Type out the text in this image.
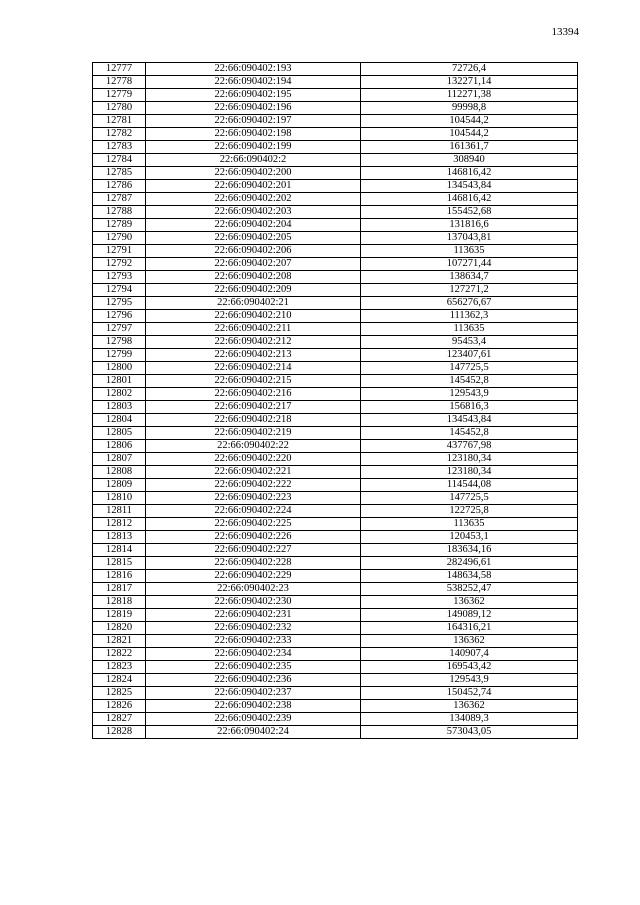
13394
12777	22:66:090402:193	72726,4
12778	22:66:090402:194	132271,14
12779	22:66:090402:195	112271,38
12780	22:66:090402:196	99998,8
12781	22:66:090402:197	104544,2
12782	22:66:090402:198	104544,2
12783	22:66:090402:199	161361,7
12784	22:66:090402:2	308940
12785	22:66:090402:200	146816,42
12786	22:66:090402:201	134543,84
12787	22:66:090402:202	146816,42
12788	22:66:090402:203	155452,68
12789	22:66:090402:204	131816,6
12790	22:66:090402:205	137043,81
12791	22:66:090402:206	113635
12792	22:66:090402:207	107271,44
12793	22:66:090402:208	138634,7
12794	22:66:090402:209	127271,2
12795	22:66:090402:21	656276,67
12796	22:66:090402:210	111362,3
12797	22:66:090402:211	113635
12798	22:66:090402:212	95453,4
12799	22:66:090402:213	123407,61
12800	22:66:090402:214	147725,5
12801	22:66:090402:215	145452,8
12802	22:66:090402:216	129543,9
12803	22:66:090402:217	156816,3
12804	22:66:090402:218	134543,84
12805	22:66:090402:219	145452,8
12806	22:66:090402:22	437767,98
12807	22:66:090402:220	123180,34
12808	22:66:090402:221	123180,34
12809	22:66:090402:222	114544,08
12810	22:66:090402:223	147725,5
12811	22:66:090402:224	122725,8
12812	22:66:090402:225	113635
12813	22:66:090402:226	120453,1
12814	22:66:090402:227	183634,16
12815	22:66:090402:228	282496,61
12816	22:66:090402:229	148634,58
12817	22:66:090402:23	538252,47
12818	22:66:090402:230	136362
12819	22:66:090402:231	149089,12
12820	22:66:090402:232	164316,21
12821	22:66:090402:233	136362
12822	22:66:090402:234	140907,4
12823	22:66:090402:235	169543,42
12824	22:66:090402:236	129543,9
12825	22:66:090402:237	150452,74
12826	22:66:090402:238	136362
12827	22:66:090402:239	134089,3
12828	22:66:090402:24	573043,05
